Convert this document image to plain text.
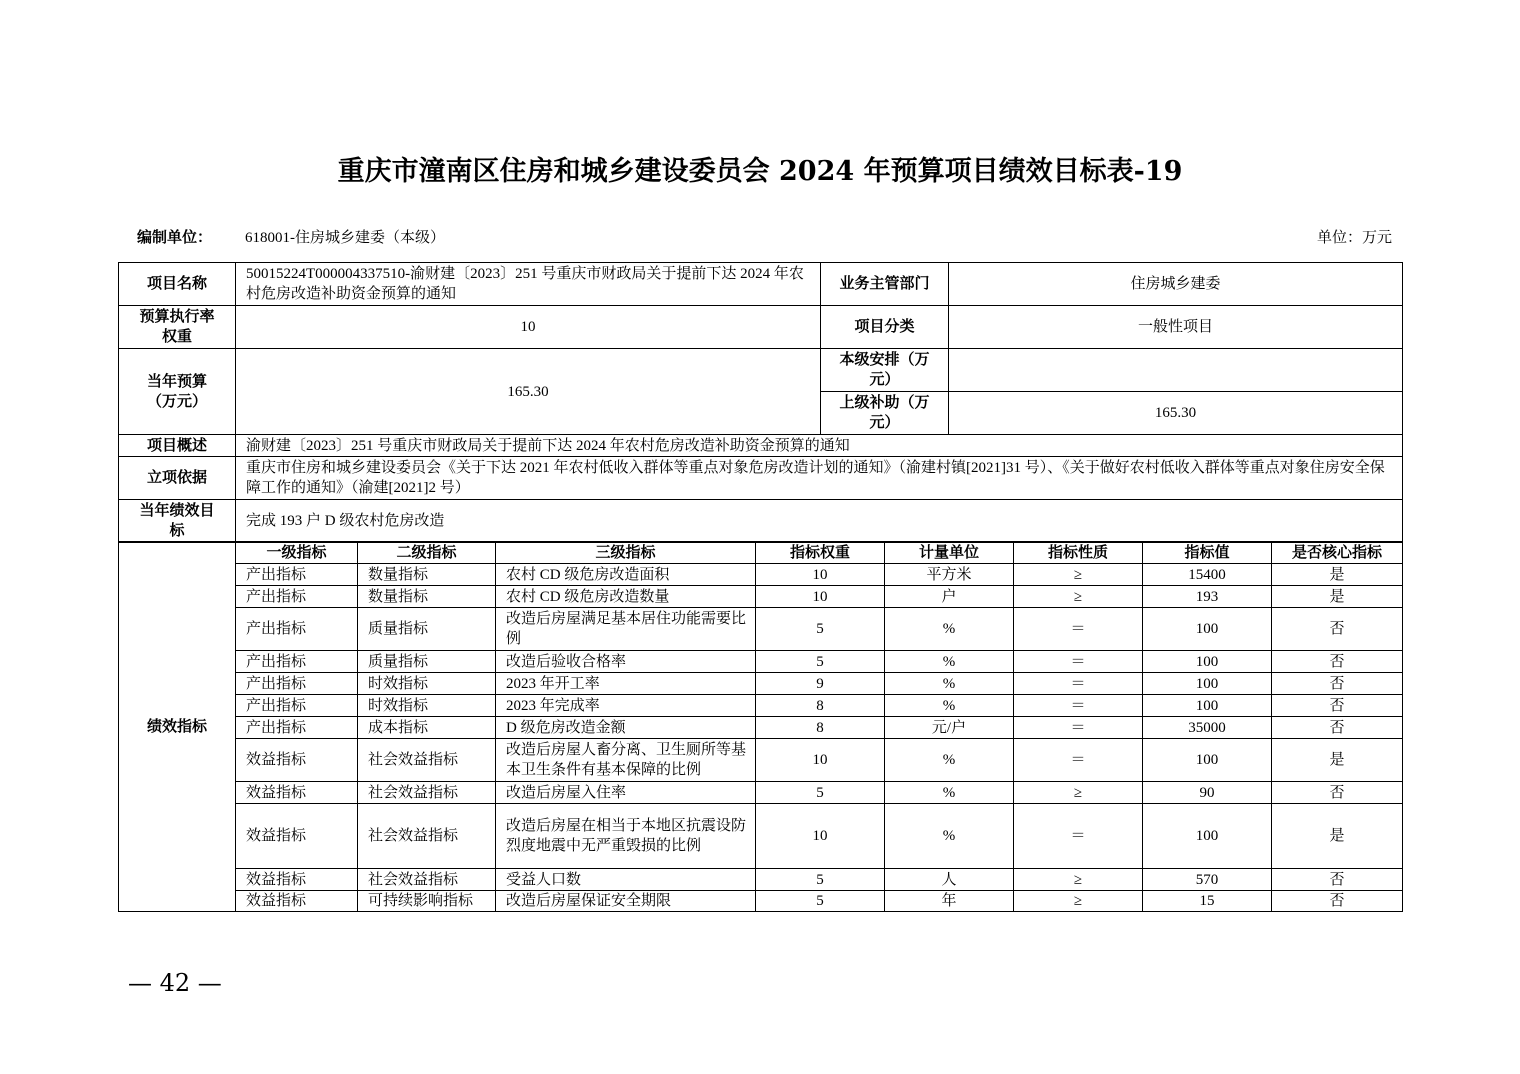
重庆市潼南区住房和城乡建设委员会 2024 年预算项目绩效目标表-19
编制单位： 618001-住房城乡建委（本级）	单位：万元
项目名称	50015224T000004337510-渝财建〔2023〕251 号重庆市财政局关于提前下达 2024 年农村危房改造补助资金预算的通知	业务主管部门	住房城乡建委
预算执行率权重	10	项目分类	一般性项目
当年预算（万元）	165.30	本级安排（万元）	
		上级补助（万元）	165.30
项目概述	渝财建〔2023〕251 号重庆市财政局关于提前下达 2024 年农村危房改造补助资金预算的通知		
立项依据	重庆市住房和城乡建设委员会《关于下达 2021 年农村低收入群体等重点对象危房改造计划的通知》（渝建村镇[2021]31 号）、《关于做好农村低收入群体等重点对象住房安全保障工作的通知》（渝建[2021]2 号）		
当年绩效目标	完成 193 户 D 级农村危房改造		
绩效指标	一级指标	二级指标	三级指标	指标权重	计量单位	指标性质	指标值	是否核心指标
	产出指标	数量指标	农村 CD 级危房改造面积	10	平方米	≥	15400	是
	产出指标	数量指标	农村 CD 级危房改造数量	10	户	≥	193	是
	产出指标	质量指标	改造后房屋满足基本居住功能需要比例	5	%	＝	100	否
	产出指标	质量指标	改造后验收合格率	5	%	＝	100	否
	产出指标	时效指标	2023 年开工率	9	%	＝	100	否
	产出指标	时效指标	2023 年完成率	8	%	＝	100	否
	产出指标	成本指标	D 级危房改造金额	8	元/户	＝	35000	否
	效益指标	社会效益指标	改造后房屋人畜分离、卫生厕所等基本卫生条件有基本保障的比例	10	%	＝	100	是
	效益指标	社会效益指标	改造后房屋入住率	5	%	≥	90	否
	效益指标	社会效益指标	改造后房屋在相当于本地区抗震设防烈度地震中无严重毁损的比例	10	%	＝	100	是
	效益指标	社会效益指标	受益人口数	5	人	≥	570	否
	效益指标	可持续影响指标	改造后房屋保证安全期限	5	年	≥	15	否
— 42 —
